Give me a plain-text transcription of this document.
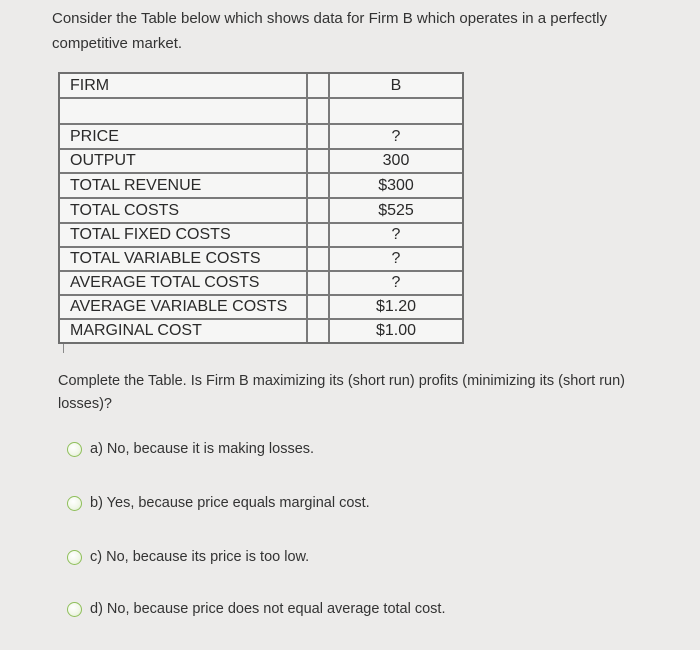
Consider the Table below which shows data for Firm B which operates in a perfectly competitive market.
FIRM	B
PRICE	?
OUTPUT	300
TOTAL REVENUE	$300
TOTAL COSTS	$525
TOTAL FIXED COSTS	?
TOTAL VARIABLE COSTS	?
AVERAGE TOTAL COSTS	?
AVERAGE VARIABLE COSTS	$1.20
MARGINAL COST	$1.00
Complete the Table. Is Firm B maximizing its (short run) profits (minimizing its (short run) losses)?
a) No, because it is making losses.
b) Yes, because price equals marginal cost.
c) No, because its price is too low.
d) No, because price does not equal average total cost.
